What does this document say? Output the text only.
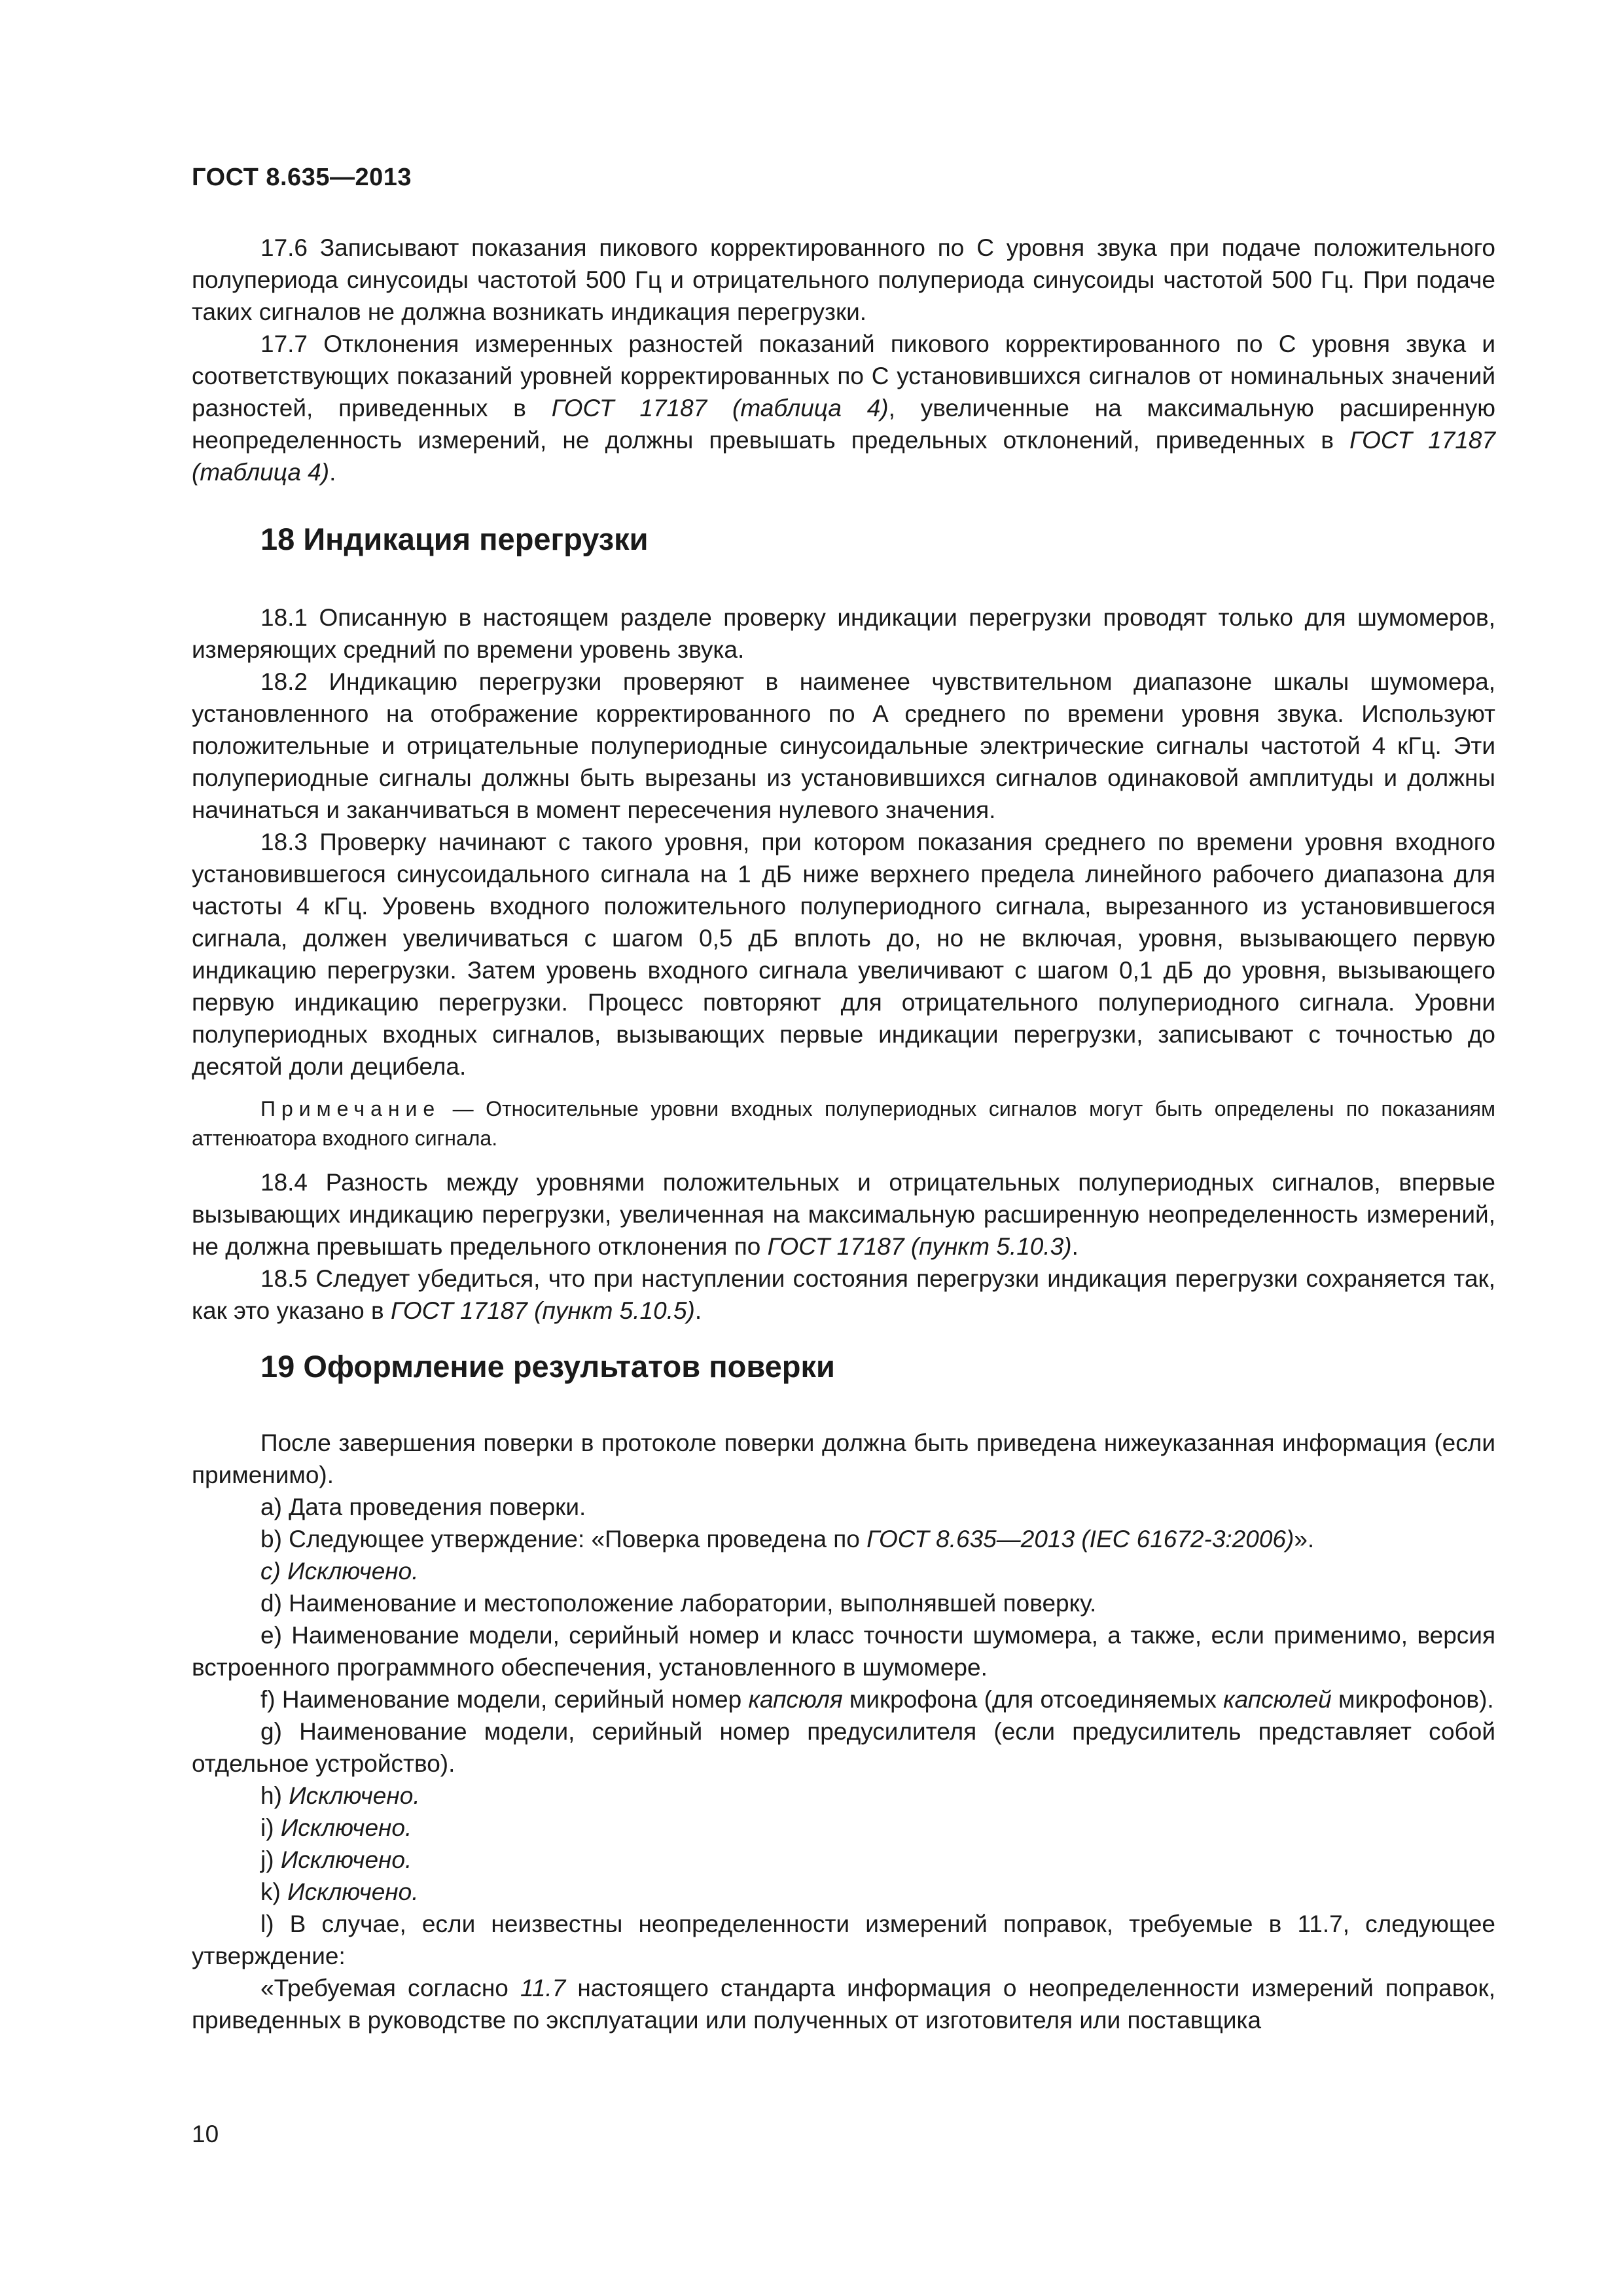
ГОСТ 8.635—2013

17.6 Записывают показания пикового корректированного по C уровня звука при подаче положительного полупериода синусоиды частотой 500 Гц и отрицательного полупериода синусоиды частотой 500 Гц. При подаче таких сигналов не должна возникать индикация перегрузки.

17.7 Отклонения измеренных разностей показаний пикового корректированного по C уровня звука и соответствующих показаний уровней корректированных по C установившихся сигналов от номинальных значений разностей, приведенных в ГОСТ 17187 (таблица 4), увеличенные на максимальную расширенную неопределенность измерений, не должны превышать предельных отклонений, приведенных в ГОСТ 17187 (таблица 4).

18 Индикация перегрузки

18.1 Описанную в настоящем разделе проверку индикации перегрузки проводят только для шумомеров, измеряющих средний по времени уровень звука.

18.2 Индикацию перегрузки проверяют в наименее чувствительном диапазоне шкалы шумомера, установленного на отображение корректированного по A среднего по времени уровня звука. Используют положительные и отрицательные полупериодные синусоидальные электрические сигналы частотой 4 кГц. Эти полупериодные сигналы должны быть вырезаны из установившихся сигналов одинаковой амплитуды и должны начинаться и заканчиваться в момент пересечения нулевого значения.

18.3 Проверку начинают с такого уровня, при котором показания среднего по времени уровня входного установившегося синусоидального сигнала на 1 дБ ниже верхнего предела линейного рабочего диапазона для частоты 4 кГц. Уровень входного положительного полупериодного сигнала, вырезанного из установившегося сигнала, должен увеличиваться с шагом 0,5 дБ вплоть до, но не включая, уровня, вызывающего первую индикацию перегрузки. Затем уровень входного сигнала увеличивают с шагом 0,1 дБ до уровня, вызывающего первую индикацию перегрузки. Процесс повторяют для отрицательного полупериодного сигнала. Уровни полупериодных входных сигналов, вызывающих первые индикации перегрузки, записывают с точностью до десятой доли децибела.

Примечание — Относительные уровни входных полупериодных сигналов могут быть определены по показаниям аттенюатора входного сигнала.

18.4 Разность между уровнями положительных и отрицательных полупериодных сигналов, впервые вызывающих индикацию перегрузки, увеличенная на максимальную расширенную неопределенность измерений, не должна превышать предельного отклонения по ГОСТ 17187 (пункт 5.10.3).

18.5 Следует убедиться, что при наступлении состояния перегрузки индикация перегрузки сохраняется так, как это указано в ГОСТ 17187 (пункт 5.10.5).

19 Оформление результатов поверки

После завершения поверки в протоколе поверки должна быть приведена нижеуказанная информация (если применимо).

a) Дата проведения поверки.

b) Следующее утверждение: «Поверка проведена по ГОСТ 8.635—2013 (IEC 61672-3:2006)».

c) Исключено.

d) Наименование и местоположение лаборатории, выполнявшей поверку.

e) Наименование модели, серийный номер и класс точности шумомера, а также, если применимо, версия встроенного программного обеспечения, установленного в шумомере.

f) Наименование модели, серийный номер капсюля микрофона (для отсоединяемых капсюлей микрофонов).

g) Наименование модели, серийный номер предусилителя (если предусилитель представляет собой отдельное устройство).

h) Исключено.

i) Исключено.

j) Исключено.

k) Исключено.

l) В случае, если неизвестны неопределенности измерений поправок, требуемые в 11.7, следующее утверждение:

«Требуемая согласно 11.7 настоящего стандарта информация о неопределенности измерений поправок, приведенных в руководстве по эксплуатации или полученных от изготовителя или поставщика

10
